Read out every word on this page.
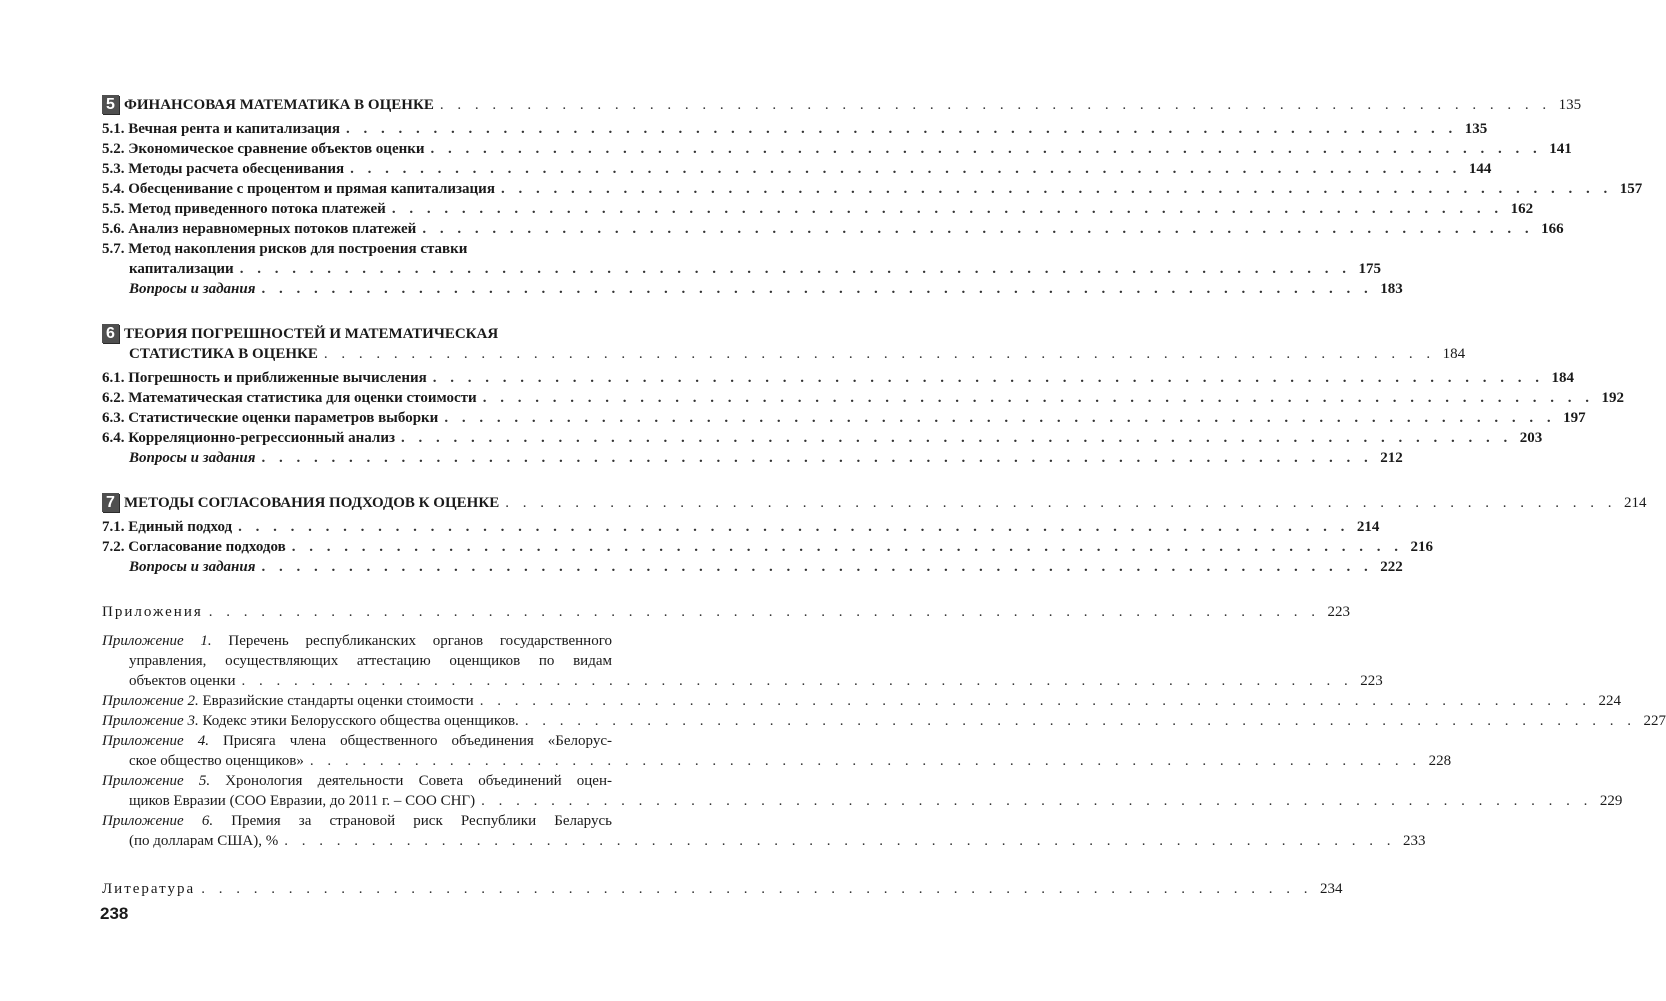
5 ФИНАНСОВАЯ МАТЕМАТИКА В ОЦЕНКЕ . . . . . . . . . . . . . . . . . . . . . . . . . . . . . . . . . . . . . . . . . . . . . . . . . . . . . . . . . . . . . . . . 135
5.1. Вечная рента и капитализация . . . . . . . . . . . . . . . . . . . . . . . . . . . . . . . . . . . . . . . . . . . . . . . . . . . . . . . . . . . . . . . . 135
5.2. Экономическое сравнение объектов оценки . . . . . . . . . . . . . . . . . . . . . . . . . . . . . . . . . . . . . . . . . . . . . . . . . . . . . . . . . . . . . . . . 141
5.3. Методы расчета обесценивания . . . . . . . . . . . . . . . . . . . . . . . . . . . . . . . . . . . . . . . . . . . . . . . . . . . . . . . . . . . . . . . . 144
5.4. Обесценивание с процентом и прямая капитализация . . . . . . . . . . . . . . . . . . . . . . . . . . . . . . . . . . . . . . . . . . . . . . . . . . . . . . . . . . . . . . . . 157
5.5. Метод приведенного потока платежей . . . . . . . . . . . . . . . . . . . . . . . . . . . . . . . . . . . . . . . . . . . . . . . . . . . . . . . . . . . . . . . . 162
5.6. Анализ неравномерных потоков платежей . . . . . . . . . . . . . . . . . . . . . . . . . . . . . . . . . . . . . . . . . . . . . . . . . . . . . . . . . . . . . . . . 166
5.7. Метод накопления рисков для построения ставки
капитализации . . . . . . . . . . . . . . . . . . . . . . . . . . . . . . . . . . . . . . . . . . . . . . . . . . . . . . . . . . . . . . . . 175
Вопросы и задания . . . . . . . . . . . . . . . . . . . . . . . . . . . . . . . . . . . . . . . . . . . . . . . . . . . . . . . . . . . . . . . . 183
6 ТЕОРИЯ ПОГРЕШНОСТЕЙ И МАТЕМАТИЧЕСКАЯ
СТАТИСТИКА В ОЦЕНКЕ . . . . . . . . . . . . . . . . . . . . . . . . . . . . . . . . . . . . . . . . . . . . . . . . . . . . . . . . . . . . . . . . 184
6.1. Погрешность и приближенные вычисления . . . . . . . . . . . . . . . . . . . . . . . . . . . . . . . . . . . . . . . . . . . . . . . . . . . . . . . . . . . . . . . . 184
6.2. Математическая статистика для оценки стоимости . . . . . . . . . . . . . . . . . . . . . . . . . . . . . . . . . . . . . . . . . . . . . . . . . . . . . . . . . . . . . . . . 192
6.3. Статистические оценки параметров выборки . . . . . . . . . . . . . . . . . . . . . . . . . . . . . . . . . . . . . . . . . . . . . . . . . . . . . . . . . . . . . . . . 197
6.4. Корреляционно-регрессионный анализ . . . . . . . . . . . . . . . . . . . . . . . . . . . . . . . . . . . . . . . . . . . . . . . . . . . . . . . . . . . . . . . . 203
Вопросы и задания . . . . . . . . . . . . . . . . . . . . . . . . . . . . . . . . . . . . . . . . . . . . . . . . . . . . . . . . . . . . . . . . 212
7 МЕТОДЫ СОГЛАСОВАНИЯ ПОДХОДОВ К ОЦЕНКЕ . . . . . . . . . . . . . . . . . . . . . . . . . . . . . . . . . . . . . . . . . . . . . . . . . . . . . . . . . . . . . . . . 214
7.1. Единый подход . . . . . . . . . . . . . . . . . . . . . . . . . . . . . . . . . . . . . . . . . . . . . . . . . . . . . . . . . . . . . . . . 214
7.2. Согласование подходов . . . . . . . . . . . . . . . . . . . . . . . . . . . . . . . . . . . . . . . . . . . . . . . . . . . . . . . . . . . . . . . . 216
Вопросы и задания . . . . . . . . . . . . . . . . . . . . . . . . . . . . . . . . . . . . . . . . . . . . . . . . . . . . . . . . . . . . . . . . 222
Приложения . . . . . . . . . . . . . . . . . . . . . . . . . . . . . . . . . . . . . . . . . . . . . . . . . . . . . . . . . . . . . . . . 223
Приложение 1. Перечень республиканских органов государственного управления, осуществляющих аттестацию оценщиков по видам
объектов оценки . . . . . . . . . . . . . . . . . . . . . . . . . . . . . . . . . . . . . . . . . . . . . . . . . . . . . . . . . . . . . . . . 223
Приложение 2. Евразийские стандарты оценки стоимости . . . . . . . . . . . . . . . . . . . . . . . . . . . . . . . . . . . . . . . . . . . . . . . . . . . . . . . . . . . . . . . . 224
Приложение 3. Кодекс этики Белорусского общества оценщиков. . . . . . . . . . . . . . . . . . . . . . . . . . . . . . . . . . . . . . . . . . . . . . . . . . . . . . . . . . . . . . . . . 227
Приложение 4. Присяга члена общественного объединения «Белорус-
ское общество оценщиков» . . . . . . . . . . . . . . . . . . . . . . . . . . . . . . . . . . . . . . . . . . . . . . . . . . . . . . . . . . . . . . . . 228
Приложение 5. Хронология деятельности Совета объединений оцен-
щиков Евразии (СОО Евразии, до 2011 г. – СОО СНГ) . . . . . . . . . . . . . . . . . . . . . . . . . . . . . . . . . . . . . . . . . . . . . . . . . . . . . . . . . . . . . . . . 229
Приложение 6. Премия за страновой риск Республики Беларусь
(по долларам США), % . . . . . . . . . . . . . . . . . . . . . . . . . . . . . . . . . . . . . . . . . . . . . . . . . . . . . . . . . . . . . . . . 233
Литература . . . . . . . . . . . . . . . . . . . . . . . . . . . . . . . . . . . . . . . . . . . . . . . . . . . . . . . . . . . . . . . . 234
238
